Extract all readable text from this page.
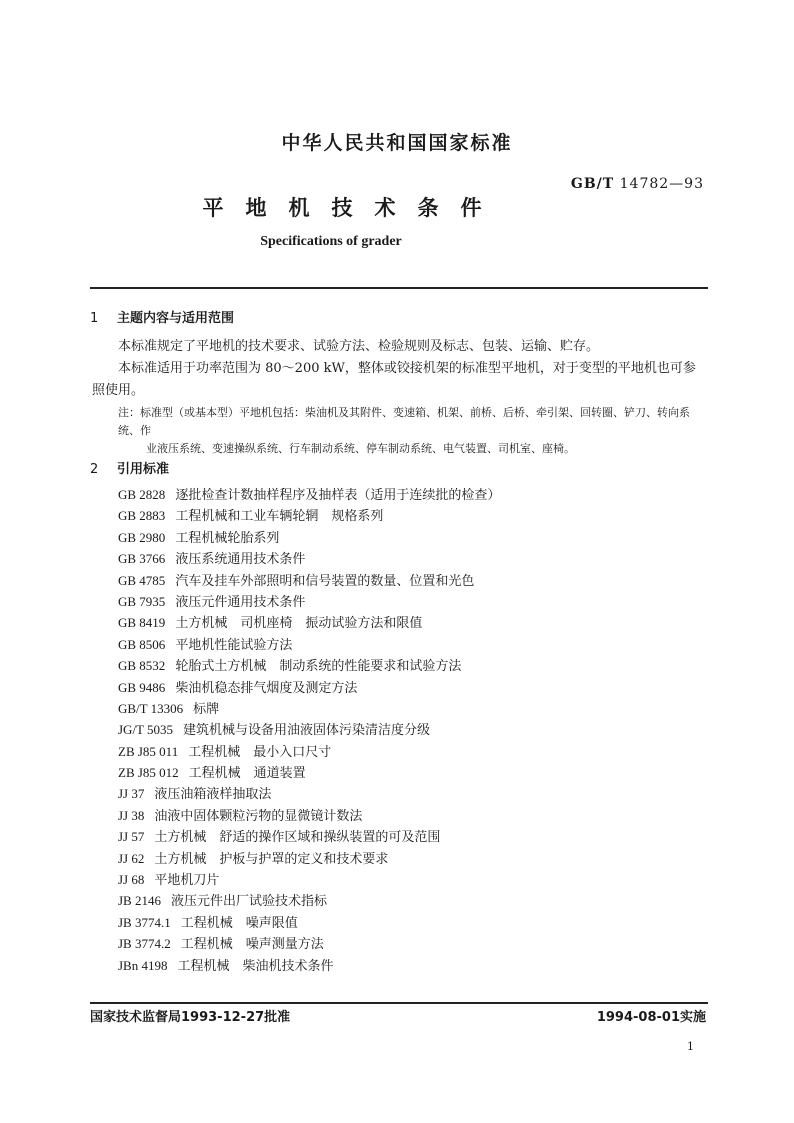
中华人民共和国国家标准
GB/T 14782—93
平地机技术条件
Specifications of grader
1 主题内容与适用范围
本标准规定了平地机的技术要求、试验方法、检验规则及标志、包装、运输、贮存。
本标准适用于功率范围为 80～200 kW，整体或铰接机架的标准型平地机，对于变型的平地机也可参照使用。
注：标准型（或基本型）平地机包括：柴油机及其附件、变速箱、机架、前桥、后桥、牵引架、回转圈、铲刀、转向系统、作
业液压系统、变速操纵系统、行车制动系统、停车制动系统、电气装置、司机室、座椅。
2 引用标准
GB 2828 逐批检查计数抽样程序及抽样表（适用于连续批的检查）
GB 2883 工程机械和工业车辆轮辋　规格系列
GB 2980 工程机械轮胎系列
GB 3766 液压系统通用技术条件
GB 4785 汽车及挂车外部照明和信号装置的数量、位置和光色
GB 7935 液压元件通用技术条件
GB 8419 土方机械　司机座椅　振动试验方法和限值
GB 8506 平地机性能试验方法
GB 8532 轮胎式土方机械　制动系统的性能要求和试验方法
GB 9486 柴油机稳态排气烟度及测定方法
GB/T 13306 标牌
JG/T 5035 建筑机械与设备用油液固体污染清洁度分级
ZB J85 011 工程机械　最小入口尺寸
ZB J85 012 工程机械　通道装置
JJ 37 液压油箱液样抽取法
JJ 38 油液中固体颗粒污物的显微镜计数法
JJ 57 土方机械　舒适的操作区域和操纵装置的可及范围
JJ 62 土方机械　护板与护罩的定义和技术要求
JJ 68 平地机刀片
JB 2146 液压元件出厂试验技术指标
JB 3774.1 工程机械　噪声限值
JB 3774.2 工程机械　噪声测量方法
JBn 4198 工程机械　柴油机技术条件
国家技术监督局1993-12-27批准	1994-08-01实施
1
